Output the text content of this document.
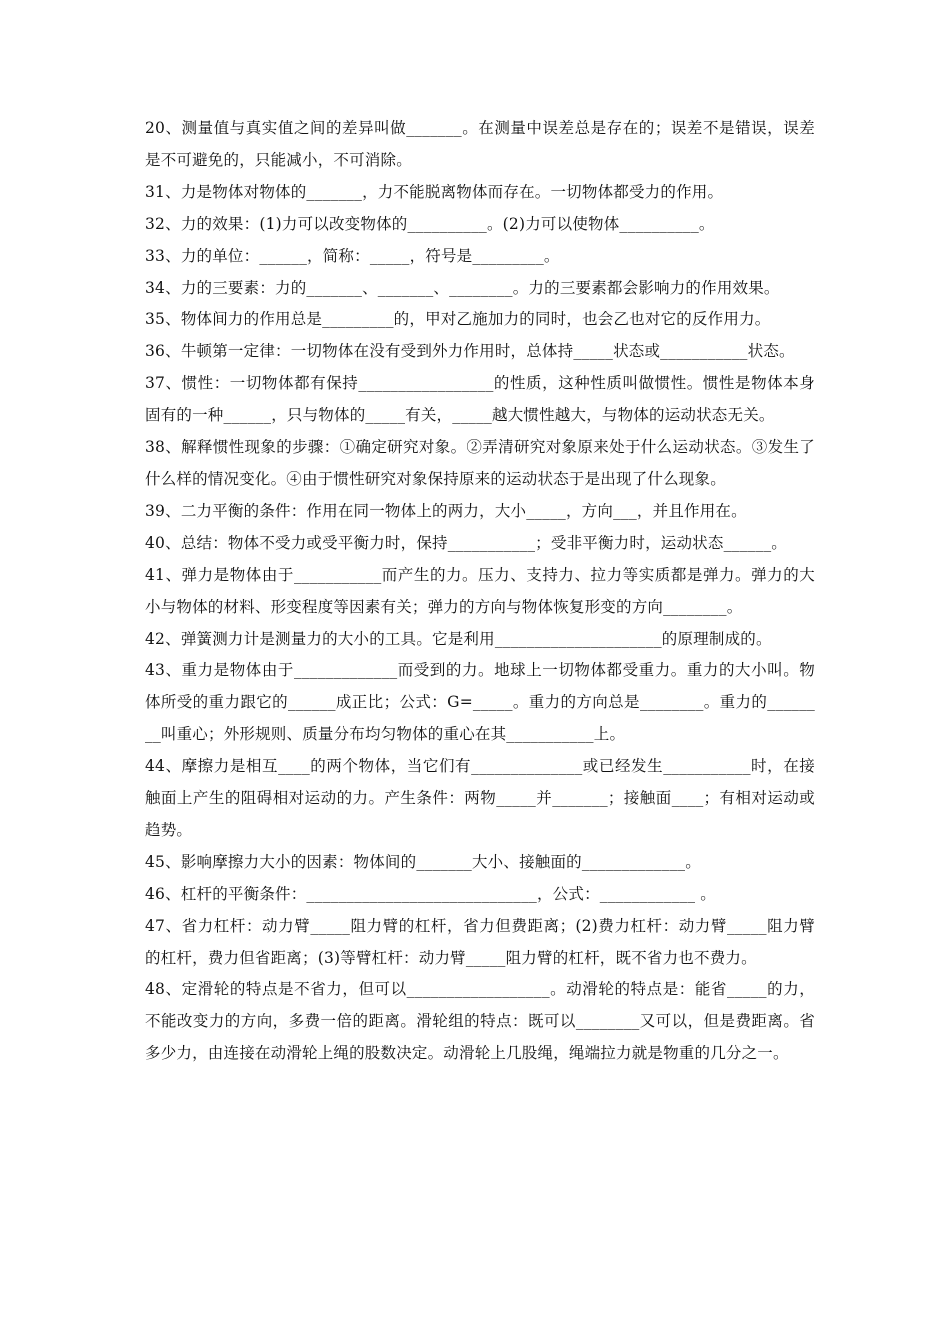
20、测量值与真实值之间的差异叫做_______。在测量中误差总是存在的；误差不是错误，误差是不可避免的，只能减小，不可消除。

31、力是物体对物体的_______，力不能脱离物体而存在。一切物体都受力的作用。

32、力的效果：(1)力可以改变物体的__________。(2)力可以使物体__________。

33、力的单位：______，简称：_____，符号是_________。

34、力的三要素：力的_______、_______、________。力的三要素都会影响力的作用效果。

35、物体间力的作用总是_________的，甲对乙施加力的同时，也会乙也对它的反作用力。

36、牛顿第一定律：一切物体在没有受到外力作用时，总体持_____状态或___________状态。

37、惯性：一切物体都有保持_________________的性质，这种性质叫做惯性。惯性是物体本身固有的一种______，只与物体的_____有关，_____越大惯性越大，与物体的运动状态无关。

38、解释惯性现象的步骤：①确定研究对象。②弄清研究对象原来处于什么运动状态。③发生了什么样的情况变化。④由于惯性研究对象保持原来的运动状态于是出现了什么现象。

39、二力平衡的条件：作用在同一物体上的两力，大小_____，方向___，并且作用在。

40、总结：物体不受力或受平衡力时，保持___________；受非平衡力时，运动状态______。

41、弹力是物体由于___________而产生的力。压力、支持力、拉力等实质都是弹力。弹力的大小与物体的材料、形变程度等因素有关；弹力的方向与物体恢复形变的方向________。

42、弹簧测力计是测量力的大小的工具。它是利用_____________________的原理制成的。

43、重力是物体由于_____________而受到的力。地球上一切物体都受重力。重力的大小叫。物体所受的重力跟它的______成正比；公式：G=_____。重力的方向总是________。重力的________叫重心；外形规则、质量分布均匀物体的重心在其___________上。

44、摩擦力是相互____的两个物体，当它们有______________或已经发生___________时，在接触面上产生的阻碍相对运动的力。产生条件：两物_____并_______；接触面____；有相对运动或趋势。

45、影响摩擦力大小的因素：物体间的_______大小、接触面的_____________。

46、杠杆的平衡条件：_____________________________，公式：____________ 。

47、省力杠杆：动力臂_____阻力臂的杠杆，省力但费距离；(2)费力杠杆：动力臂_____阻力臂的杠杆，费力但省距离；(3)等臂杠杆：动力臂_____阻力臂的杠杆，既不省力也不费力。

48、定滑轮的特点是不省力，但可以__________________。动滑轮的特点是：能省_____的力，不能改变力的方向，多费一倍的距离。滑轮组的特点：既可以________又可以，但是费距离。省多少力，由连接在动滑轮上绳的股数决定。动滑轮上几股绳，绳端拉力就是物重的几分之一。
